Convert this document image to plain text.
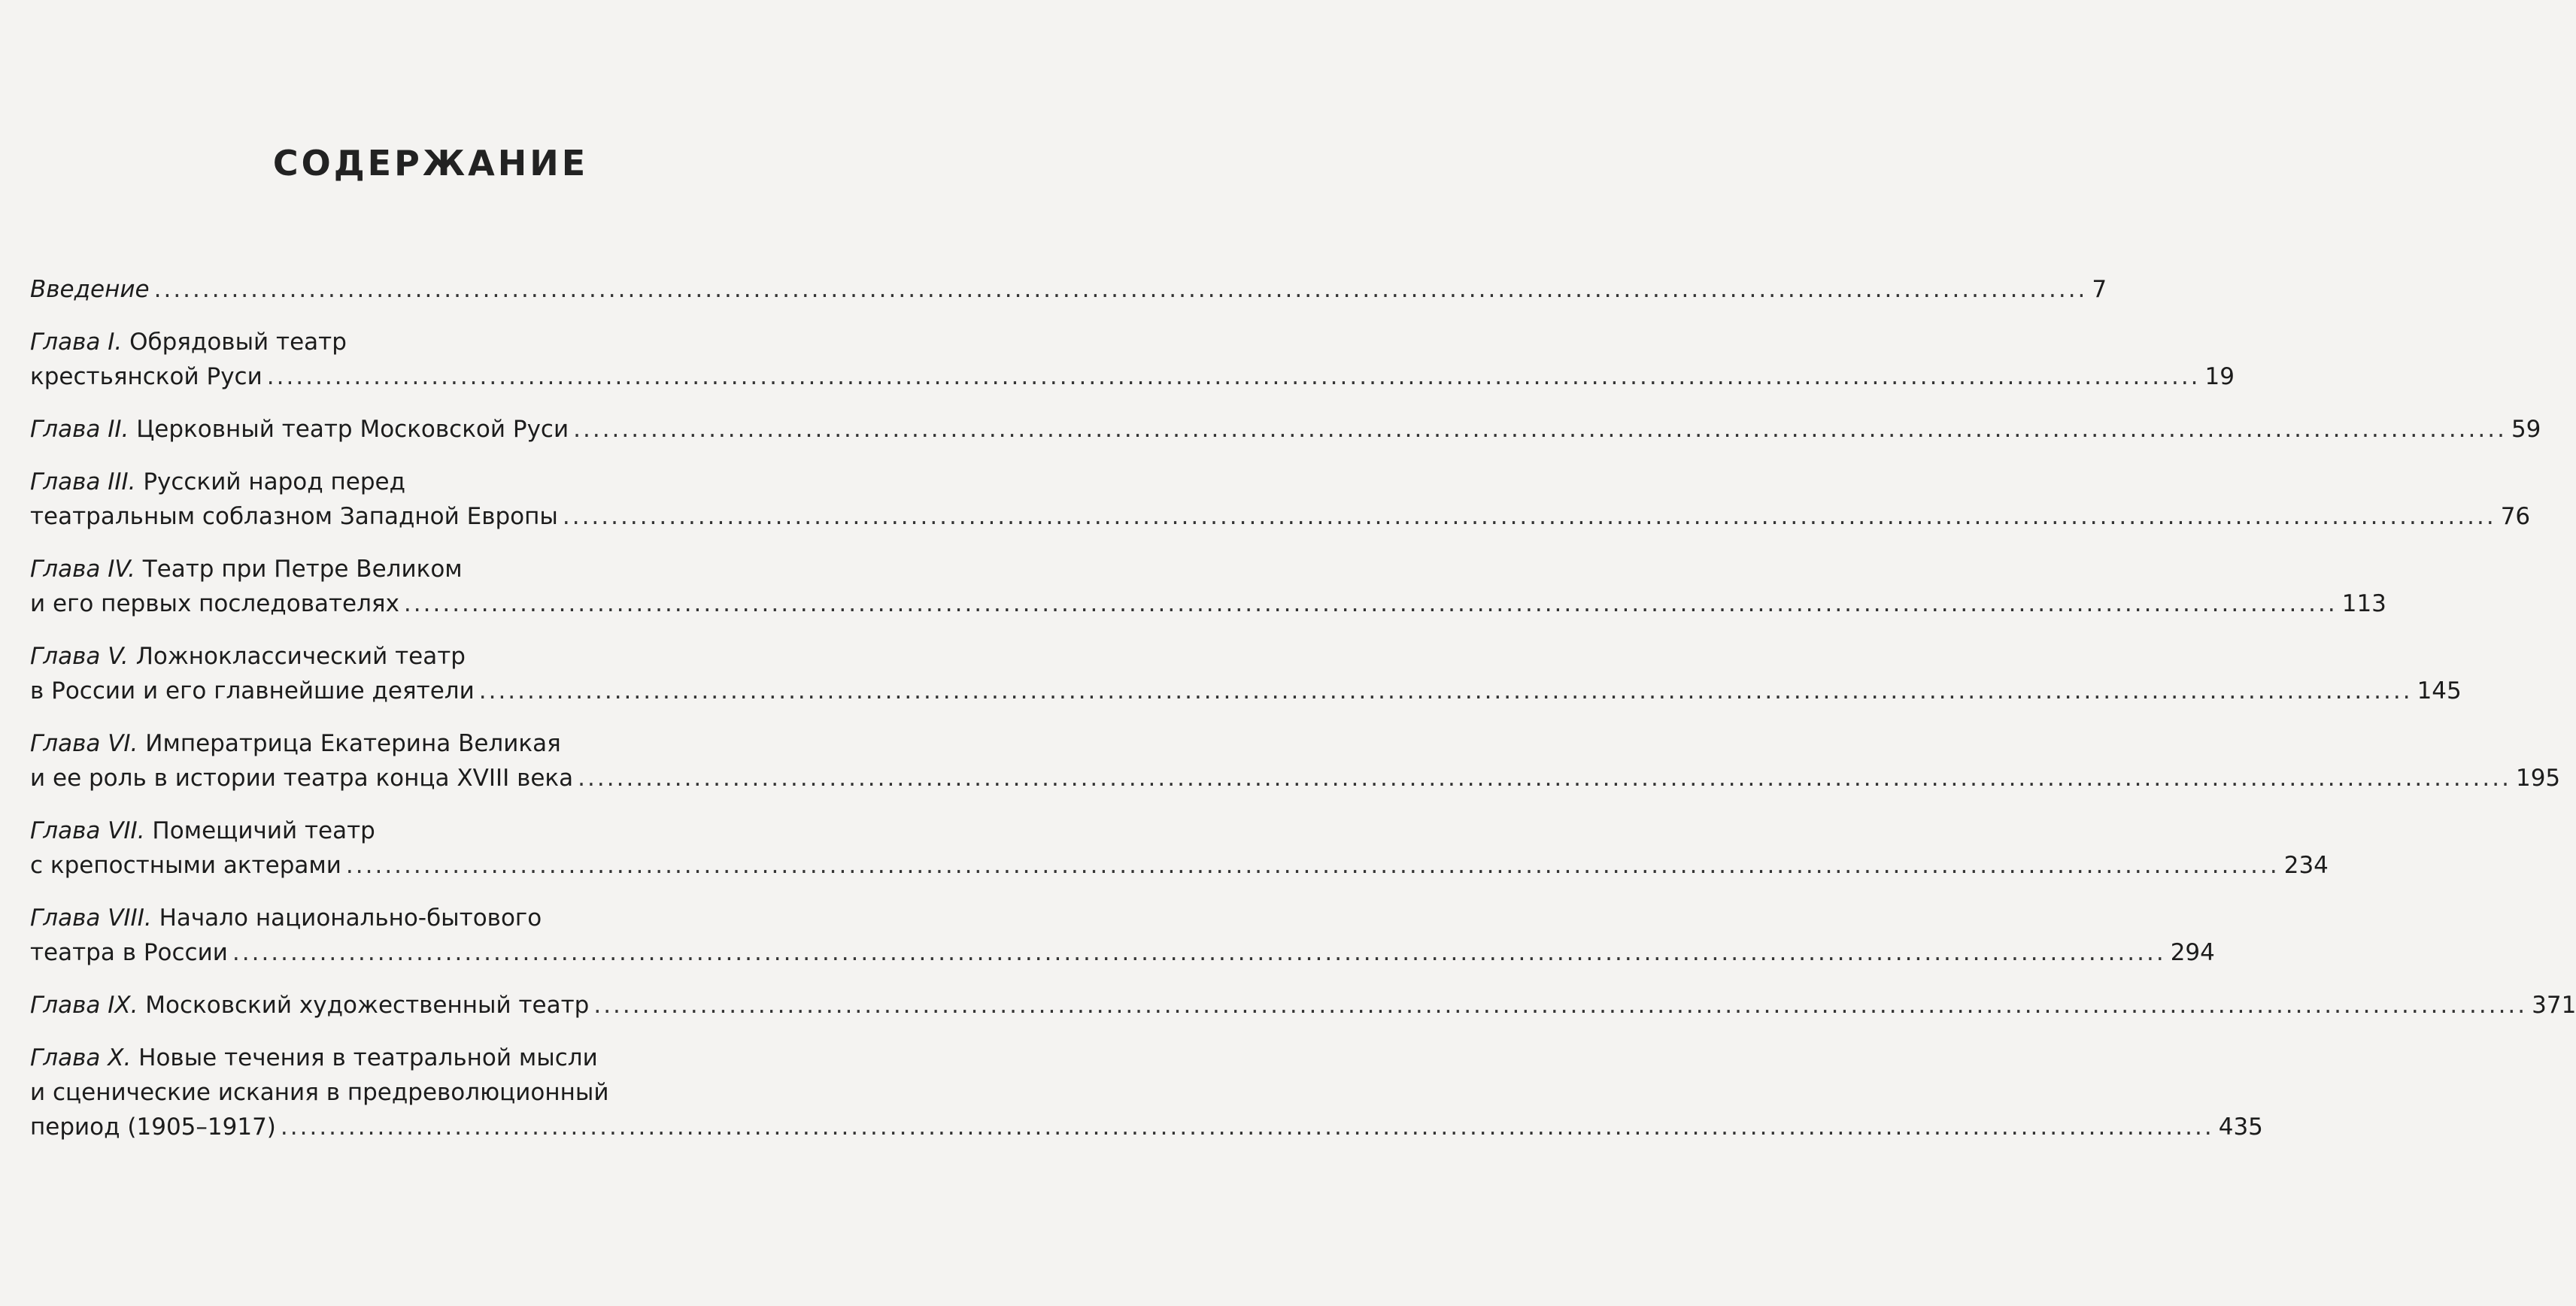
СОДЕРЖАНИЕ
Введение ........................................................................................................................................................................................................ 7
Глава I. Обрядовый театр
крестьянской Руси ........................................................................................................................................................................................................ 19
Глава II. Церковный театр Московской Руси ........................................................................................................................................................................................................ 59
Глава III. Русский народ перед
театральным соблазном Западной Европы ........................................................................................................................................................................................................ 76
Глава IV. Театр при Петре Великом
и его первых последователях ........................................................................................................................................................................................................ 113
Глава V. Ложноклассический театр
в России и его главнейшие деятели ........................................................................................................................................................................................................ 145
Глава VI. Императрица Екатерина Великая
и ее роль в истории театра конца XVIII века ........................................................................................................................................................................................................ 195
Глава VII. Помещичий театр
с крепостными актерами ........................................................................................................................................................................................................ 234
Глава VIII. Начало национально-бытового
театра в России ........................................................................................................................................................................................................ 294
Глава IX. Московский художественный театр ........................................................................................................................................................................................................ 371
Глава X. Новые течения в театральной мысли
и сценические искания в предреволюционный
период (1905–1917) ........................................................................................................................................................................................................ 435
